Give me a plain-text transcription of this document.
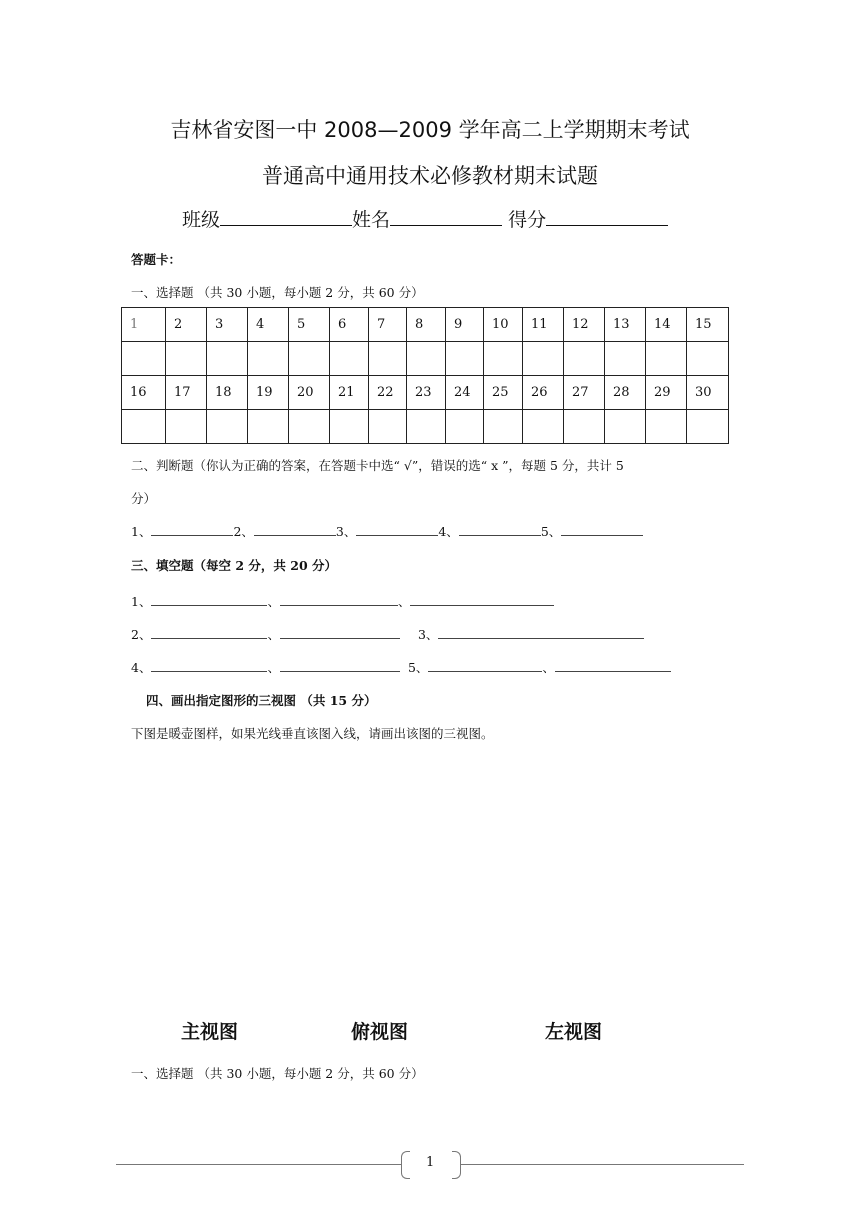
吉林省安图一中 2008—2009 学年高二上学期期末考试
普通高中通用技术必修教材期末试题
班级	姓名	得分
答题卡：
一、选择题 （共 30 小题，每小题 2 分，共 60 分）
1	2	3	4	5	6	7	8	9	10	11	12	13	14	15

16	17	18	19	20	21	22	23	24	25	26	27	28	29	30

二、判断题（你认为正确的答案，在答题卡中选“ √”，错误的选“ x ”，每题 5 分，共计 5
分）
1、	2、	3、	4、	5、
三、填空题（每空 2 分，共 20 分）
1、	、	、
2、	、	3、
4、	、	5、	、
四、画出指定图形的三视图 （共 15 分）
下图是暖壶图样，如果光线垂直该图入线，请画出该图的三视图。
主视图	俯视图	左视图
一、选择题 （共 30 小题，每小题 2 分，共 60 分）
1
